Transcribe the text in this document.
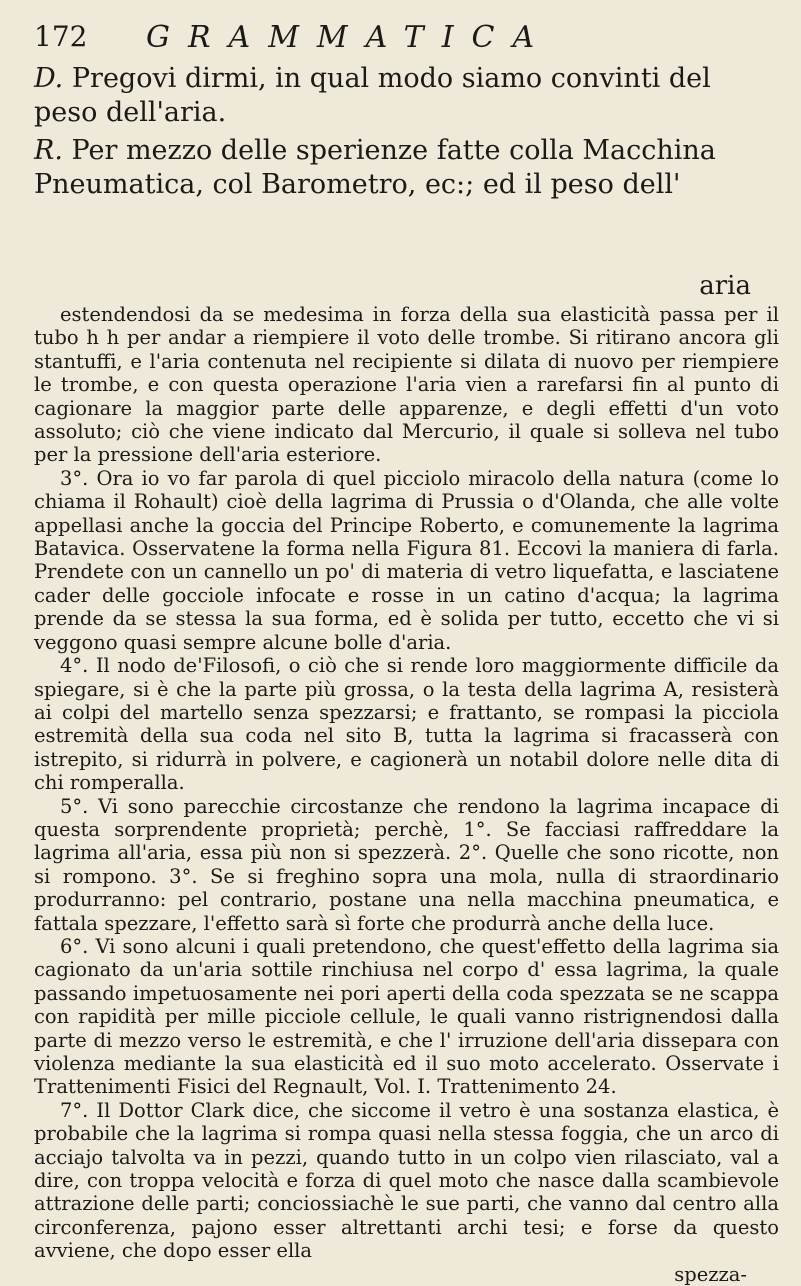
172 GRAMMATICA
D. Pregovi dirmi, in qual modo siamo convinti del peso dell'aria.
R. Per mezzo delle sperienze fatte colla Macchina Pneumatica, col Barometro, ec:; ed il peso dell'
aria

estendendosi da se medesima in forza della sua elasticità passa per il tubo h h per andar a riempiere il voto delle trombe. Si ritirano ancora gli stantuffi, e l'aria contenuta nel recipiente si dilata di nuovo per riempiere le trombe, e con questa operazione l'aria vien a rarefarsi fin al punto di cagionare la maggior parte delle apparenze, e degli effetti d'un voto assoluto; ciò che viene indicato dal Mercurio, il quale si solleva nel tubo per la pressione dell'aria esteriore.

3°. Ora io vo far parola di quel picciolo miracolo della natura (come lo chiama il Rohault) cioè della lagrima di Prussia o d'Olanda, che alle volte appellasi anche la goccia del Principe Roberto, e comunemente la lagrima Batavica. Osservatene la forma nella Figura 81. Eccovi la maniera di farla. Prendete con un cannello un po' di materia di vetro liquefatta, e lasciatene cader delle gocciole infocate e rosse in un catino d'acqua; la lagrima prende da se stessa la sua forma, ed è solida per tutto, eccetto che vi si veggono quasi sempre alcune bolle d'aria.

4°. Il nodo de'Filosofi, o ciò che si rende loro maggiormente difficile da spiegare, si è che la parte più grossa, o la testa della lagrima A, resisterà ai colpi del martello senza spezzarsi; e frattanto, se rompasi la picciola estremità della sua coda nel sito B, tutta la lagrima si fracasserà con istrepito, si ridurrà in polvere, e cagionerà un notabil dolore nelle dita di chi romperalla.

5°. Vi sono parecchie circostanze che rendono la lagrima incapace di questa sorprendente proprietà; perchè, 1°. Se facciasi raffreddare la lagrima all'aria, essa più non si spezzerà. 2°. Quelle che sono ricotte, non si rompono. 3°. Se si freghino sopra una mola, nulla di straordinario produrranno: pel contrario, postane una nella macchina pneumatica, e fattala spezzare, l'effetto sarà sì forte che produrrà anche della luce.

6°. Vi sono alcuni i quali pretendono, che quest'effetto della lagrima sia cagionato da un'aria sottile rinchiusa nel corpo d' essa lagrima, la quale passando impetuosamente nei pori aperti della coda spezzata se ne scappa con rapidità per mille picciole cellule, le quali vanno ristrignendosi dalla parte di mezzo verso le estremità, e che l' irruzione dell'aria dissepara con violenza mediante la sua elasticità ed il suo moto accelerato. Osservate i Trattenimenti Fisici del Regnault, Vol. I. Trattenimento 24.

7°. Il Dottor Clark dice, che siccome il vetro è una sostanza elastica, è probabile che la lagrima si rompa quasi nella stessa foggia, che un arco di acciajo talvolta va in pezzi, quando tutto in un colpo vien rilasciato, val a dire, con troppa velocità e forza di quel moto che nasce dalla scambievole attrazione delle parti; conciossiachè le sue parti, che vanno dal centro alla circonferenza, pajono esser altrettanti archi tesi; e forse da questo avviene, che dopo esser ella

spezza-
